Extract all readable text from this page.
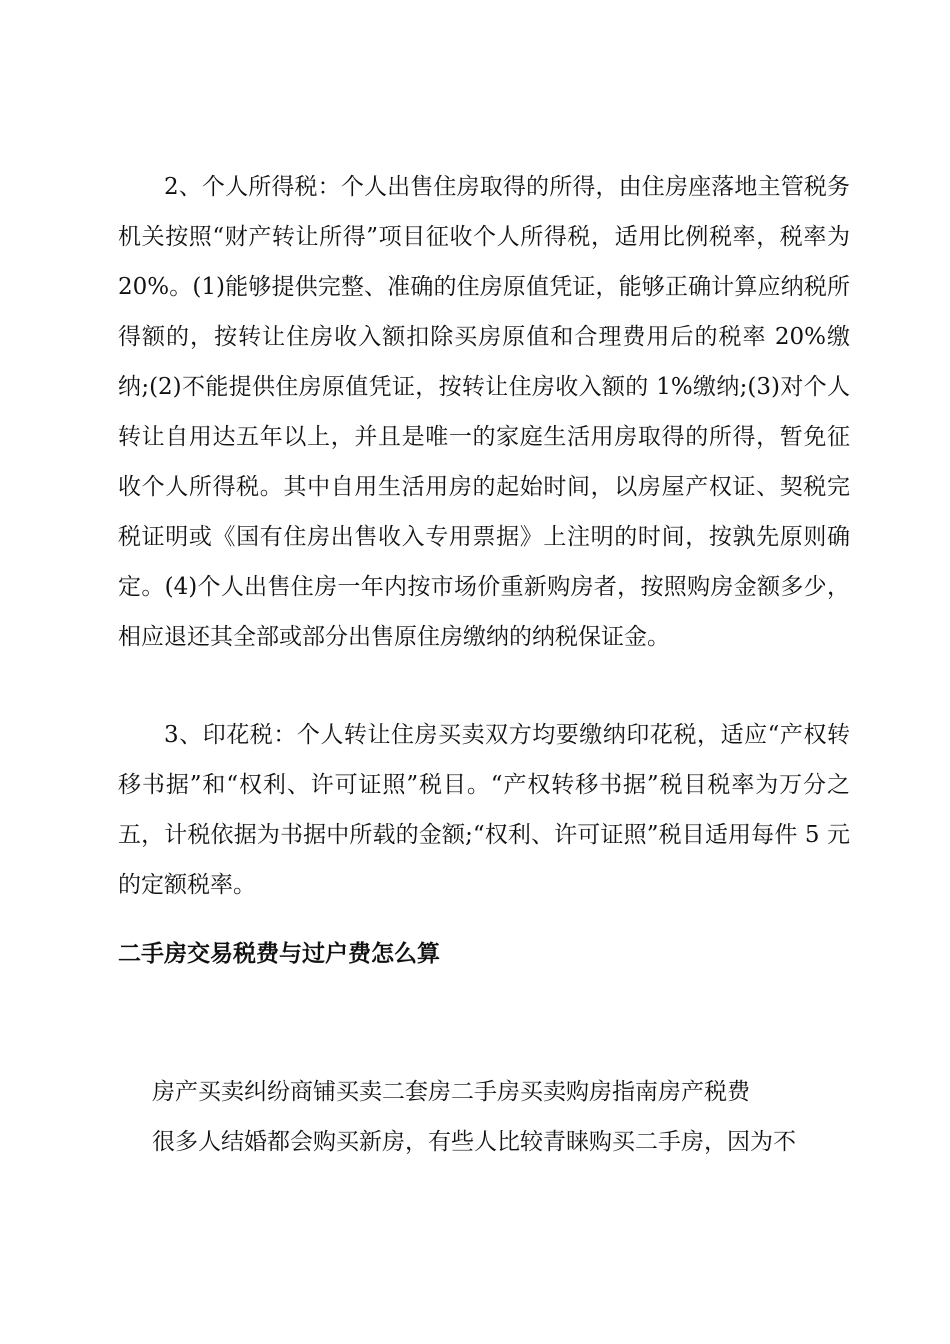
2、个人所得税：个人出售住房取得的所得，由住房座落地主管税务机关按照“财产转让所得”项目征收个人所得税，适用比例税率，税率为 20%。(1)能够提供完整、准确的住房原值凭证，能够正确计算应纳税所得额的，按转让住房收入额扣除买房原值和合理费用后的税率 20%缴纳;(2)不能提供住房原值凭证，按转让住房收入额的 1%缴纳;(3)对个人转让自用达五年以上，并且是唯一的家庭生活用房取得的所得，暂免征收个人所得税。其中自用生活用房的起始时间，以房屋产权证、契税完税证明或《国有住房出售收入专用票据》上注明的时间，按孰先原则确定。(4)个人出售住房一年内按市场价重新购房者，按照购房金额多少，相应退还其全部或部分出售原住房缴纳的纳税保证金。

3、印花税：个人转让住房买卖双方均要缴纳印花税，适应“产权转移书据”和“权利、许可证照”税目。“产权转移书据”税目税率为万分之五，计税依据为书据中所载的金额;“权利、许可证照”税目适用每件 5 元的定额税率。

二手房交易税费与过户费怎么算

房产买卖纠纷商铺买卖二套房二手房买卖购房指南房产税费

很多人结婚都会购买新房，有些人比较青睐购买二手房，因为不
